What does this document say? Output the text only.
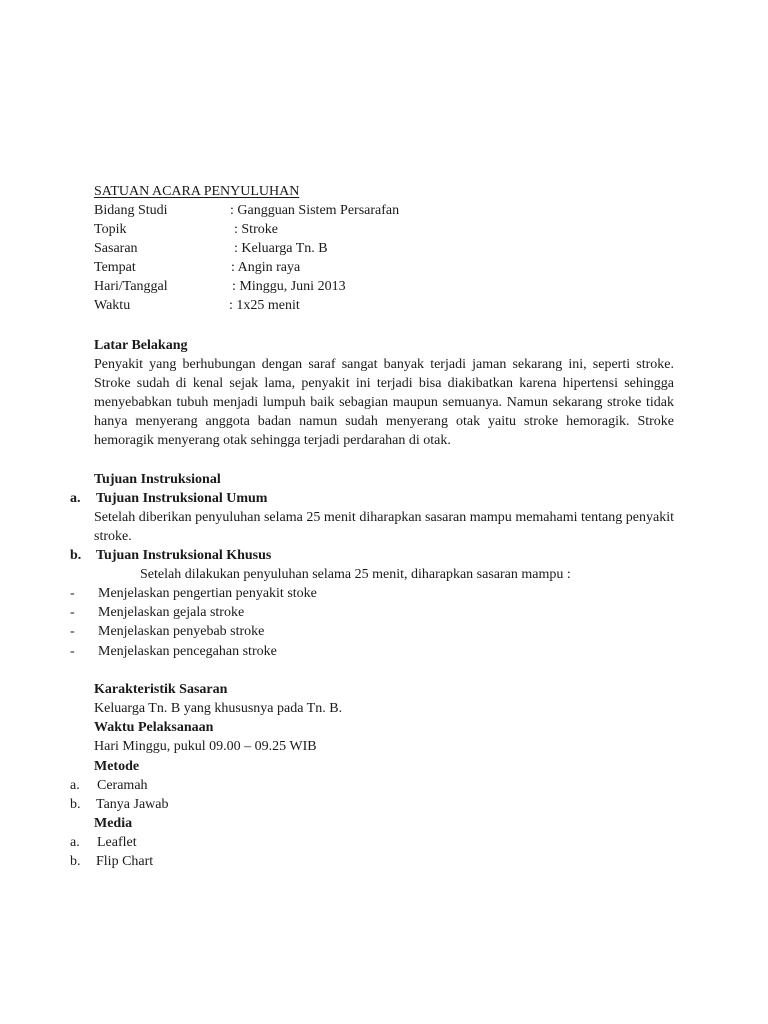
SATUAN ACARA PENYULUHAN
Bidang Studi	: Gangguan Sistem Persarafan
Topik	: Stroke
Sasaran	: Keluarga Tn. B
Tempat	: Angin raya
Hari/Tanggal	: Minggu, Juni 2013
Waktu	: 1x25 menit
Latar Belakang

Penyakit yang berhubungan dengan saraf sangat banyak terjadi jaman sekarang ini, seperti stroke. Stroke sudah di kenal sejak lama, penyakit ini terjadi bisa diakibatkan karena hipertensi sehingga menyebabkan tubuh menjadi lumpuh baik sebagian maupun semuanya. Namun sekarang stroke tidak hanya menyerang anggota badan namun sudah menyerang otak yaitu stroke hemoragik. Stroke hemoragik menyerang otak sehingga terjadi perdarahan di otak.

Tujuan Instruksional
a. Tujuan Instruksional Umum

Setelah diberikan penyuluhan selama 25 menit diharapkan sasaran mampu memahami tentang penyakit stroke.

b. Tujuan Instruksional Khusus
Setelah dilakukan penyuluhan selama 25 menit, diharapkan sasaran mampu :
- Menjelaskan pengertian penyakit stoke
- Menjelaskan gejala stroke
- Menjelaskan penyebab stroke
- Menjelaskan pencegahan stroke
Karakteristik Sasaran
Keluarga Tn. B yang khususnya pada Tn. B.
Waktu Pelaksanaan
Hari Minggu, pukul 09.00 – 09.25 WIB
Metode
a. Ceramah
b. Tanya Jawab
Media
a. Leaflet
b. Flip Chart
